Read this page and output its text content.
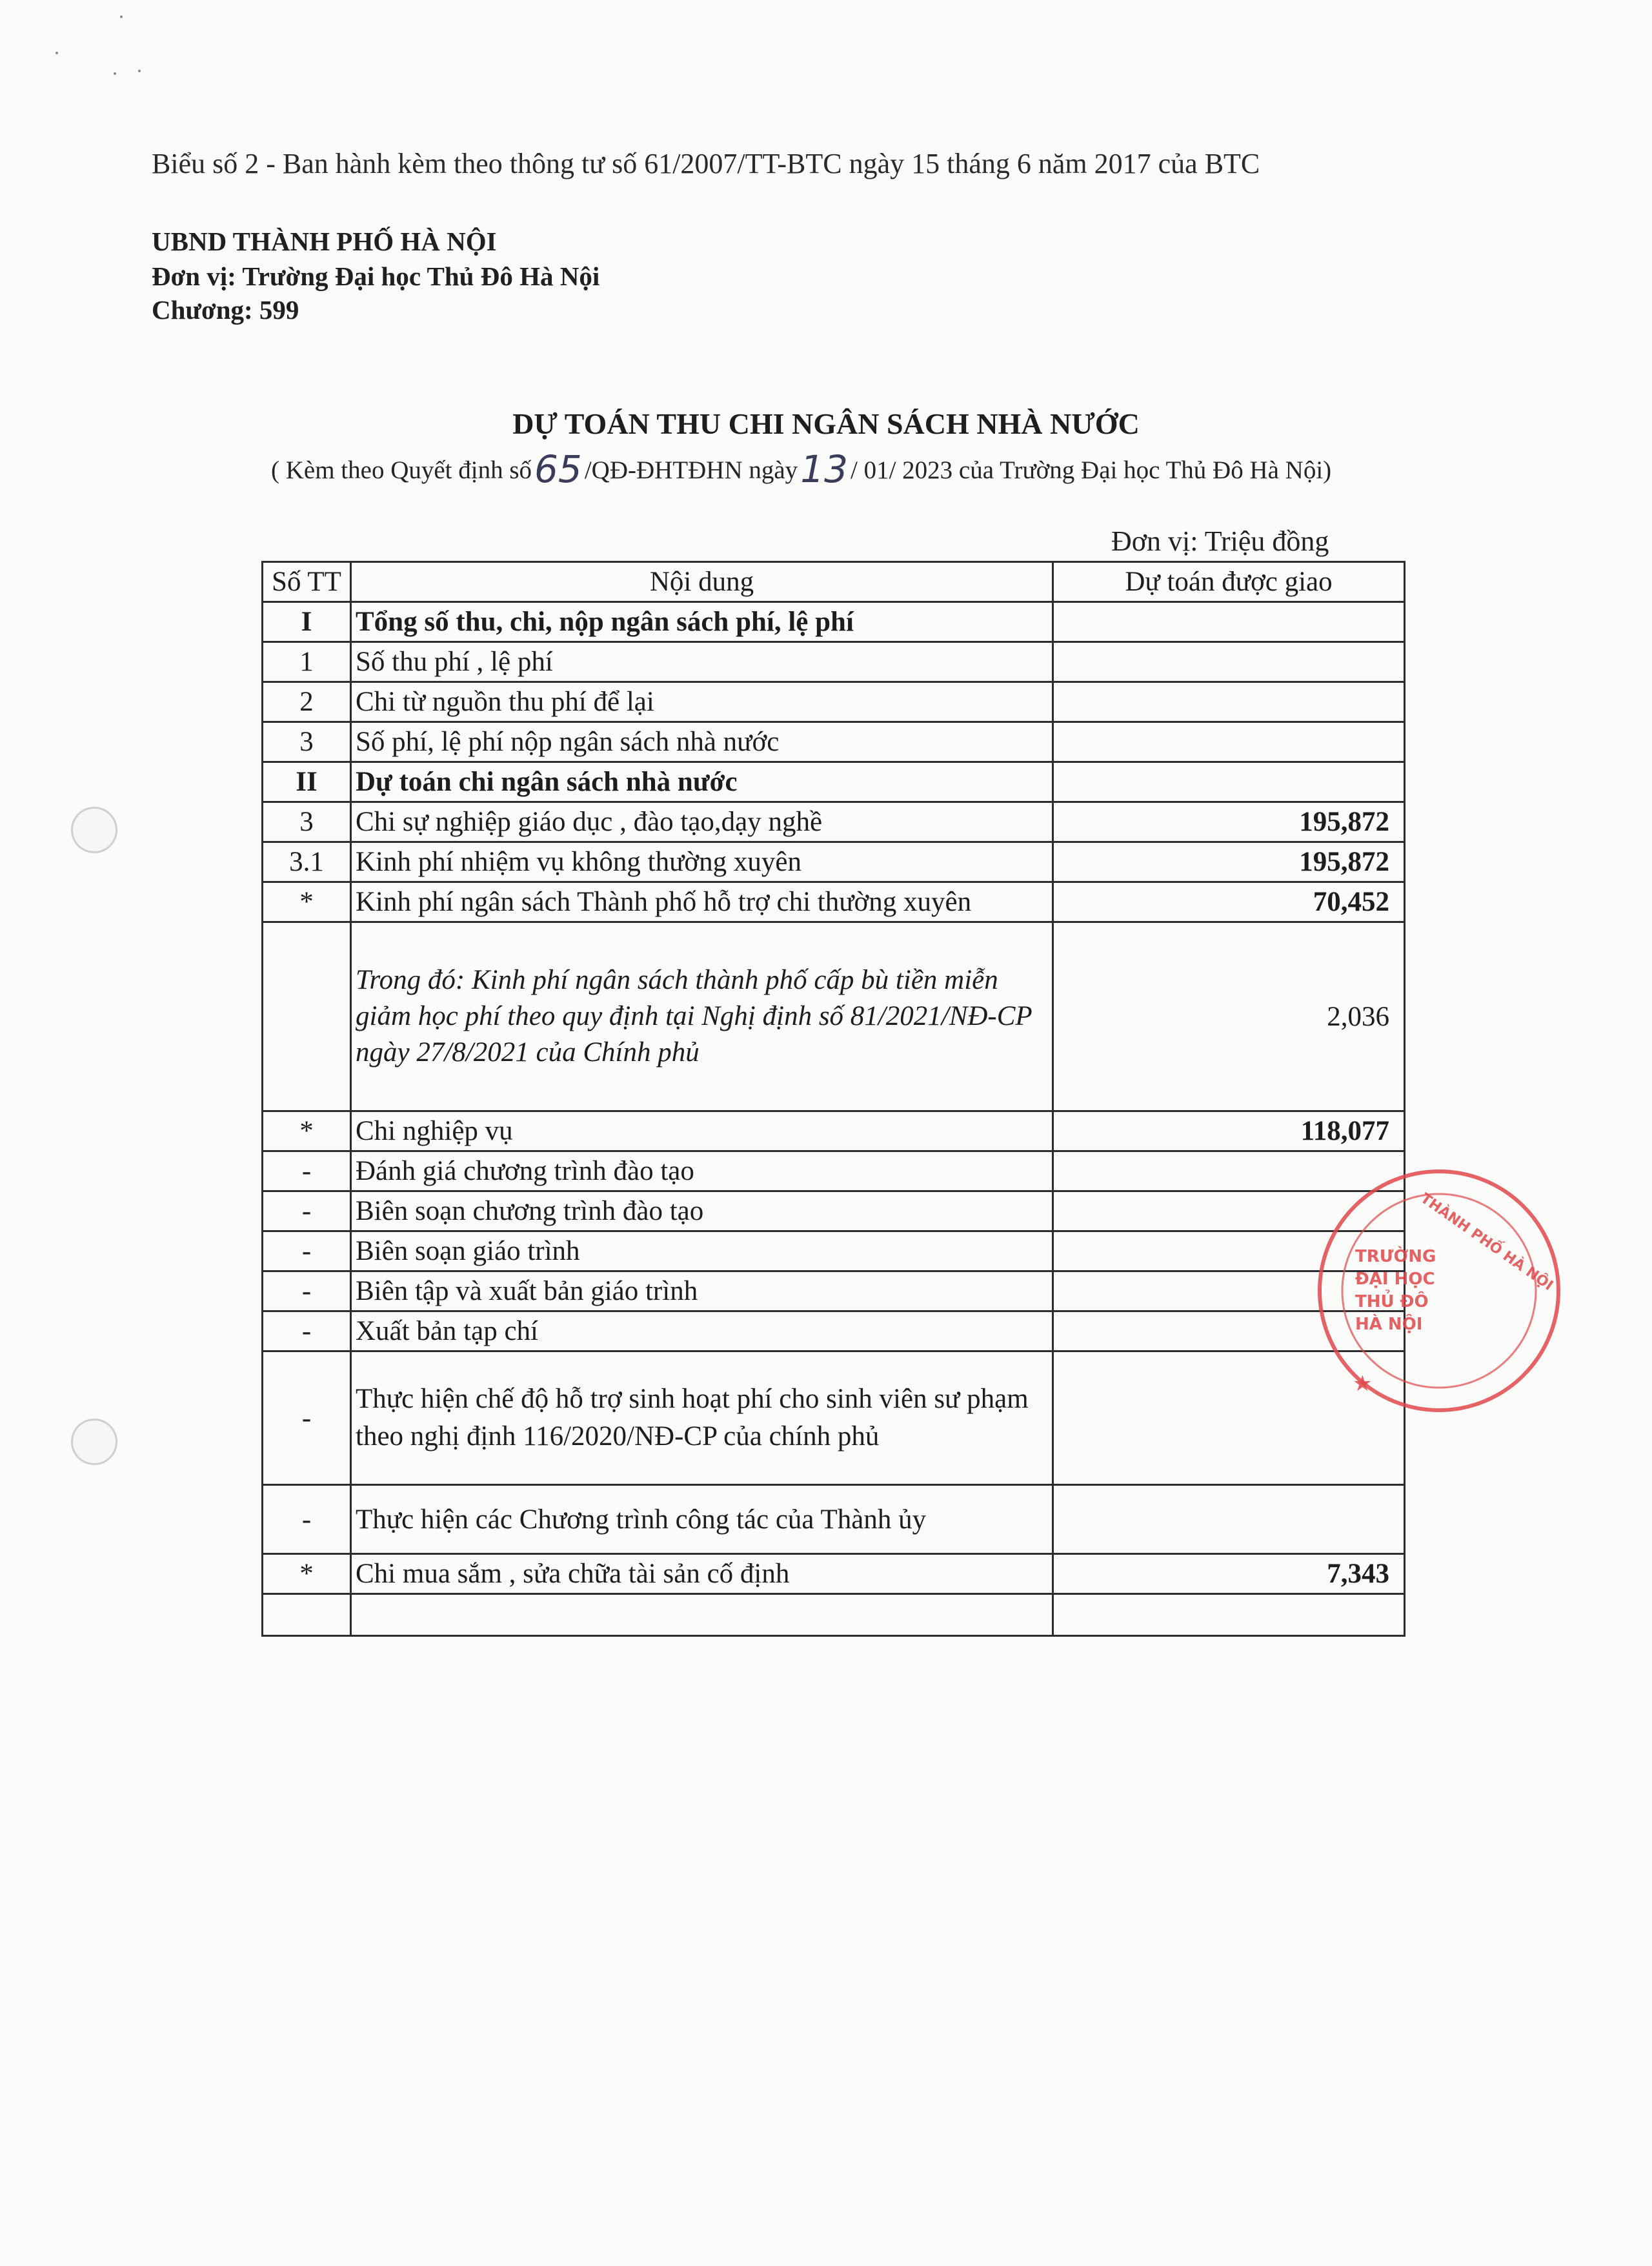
Biểu số 2 - Ban hành kèm theo thông tư số 61/2007/TT-BTC ngày 15 tháng 6 năm 2017 của BTC
UBND THÀNH PHỐ HÀ NỘI
Đơn vị: Trường Đại học Thủ Đô Hà Nội
Chương: 599
DỰ TOÁN THU CHI NGÂN SÁCH NHÀ NƯỚC
( Kèm theo Quyết định số65 /QĐ-ĐHTĐHN ngày13 / 01/ 2023 của Trường Đại học Thủ Đô Hà Nội)
Đơn vị: Triệu đồng
Số TT	Nội dung	Dự toán được giao
I	Tổng số thu, chi, nộp ngân sách phí, lệ phí	
1	Số thu phí , lệ phí	
2	Chi từ nguồn thu phí để lại	
3	Số phí, lệ phí nộp ngân sách nhà nước	
II	Dự toán chi ngân sách nhà nước	
3	Chi sự nghiệp giáo dục , đào tạo,dạy nghề	195,872
3.1	Kinh phí nhiệm vụ không thường xuyên	195,872
*	Kinh phí ngân sách Thành phố hỗ trợ chi thường xuyên	70,452
	Trong đó: Kinh phí ngân sách thành phố cấp bù tiền miễn giảm học phí theo quy định tại Nghị định số 81/2021/NĐ-CP ngày 27/8/2021 của Chính phủ	2,036
*	Chi nghiệp vụ	118,077
-	Đánh giá chương trình đào tạo	
-	Biên soạn chương trình đào tạo	
-	Biên soạn giáo trình	
-	Biên tập và xuất bản giáo trình	
-	Xuất bản tạp chí	
-	Thực hiện chế độ hỗ trợ sinh hoạt phí cho sinh viên sư phạm theo nghị định 116/2020/NĐ-CP của chính phủ	
-	Thực hiện các Chương trình công tác của Thành ủy	
*	Chi mua sắm , sửa chữa tài sản cố định	7,343

THÀNH PHỐ HÀ NỘI
TRƯỜNG
ĐẠI HỌC
THỦ ĐÔ
HÀ NỘI
★
